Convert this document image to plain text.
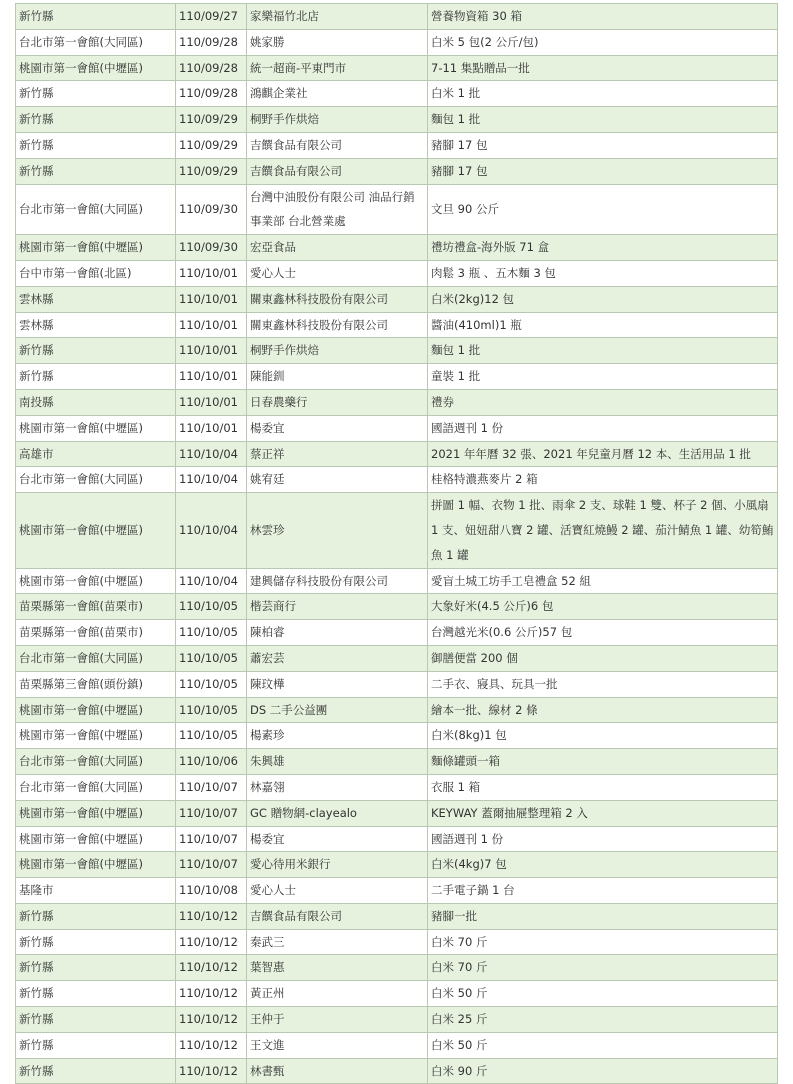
新竹縣	110/09/27	家樂福竹北店	營養物資箱 30 箱
台北市第一會館(大同區)	110/09/28	姚家勝	白米 5 包(2 公斤/包)
桃園市第一會館(中壢區)	110/09/28	統一超商-平東門市	7-11 集點贈品一批
新竹縣	110/09/28	鴻麒企業社	白米 1 批
新竹縣	110/09/29	桐野手作烘焙	麵包 1 批
新竹縣	110/09/29	吉饌食品有限公司	豬腳 17 包
新竹縣	110/09/29	吉饌食品有限公司	豬腳 17 包
台北市第一會館(大同區)	110/09/30	台灣中油股份有限公司 油品行銷事業部 台北營業處	文旦 90 公斤
桃園市第一會館(中壢區)	110/09/30	宏亞食品	禮坊禮盒-海外版 71 盒
台中市第一會館(北區)	110/10/01	愛心人士	肉鬆 3 瓶 、五木麵 3 包
雲林縣	110/10/01	關東鑫林科技股份有限公司	白米(2kg)12 包
雲林縣	110/10/01	關東鑫林科技股份有限公司	醬油(410ml)1 瓶
新竹縣	110/10/01	桐野手作烘焙	麵包 1 批
新竹縣	110/10/01	陳能釧	童裝 1 批
南投縣	110/10/01	日春農藥行	禮券
桃園市第一會館(中壢區)	110/10/01	楊委宜	國語週刊 1 份
高雄市	110/10/04	蔡正祥	2021 年年曆 32 張、2021 年兒童月曆 12 本、生活用品 1 批
台北市第一會館(大同區)	110/10/04	姚宥廷	桂格特濃燕麥片 2 箱
桃園市第一會館(中壢區)	110/10/04	林雲珍	拼圖 1 幅、衣物 1 批、雨傘 2 支、球鞋 1 雙、杯子 2 個、小風扇 1 支、妞妞甜八寶 2 罐、活寶紅燒鰻 2 罐、茄汁鯖魚 1 罐、幼筍鮪魚 1 罐
桃園市第一會館(中壢區)	110/10/04	建興儲存科技股份有限公司	愛盲土城工坊手工皂禮盒 52 組
苗栗縣第一會館(苗栗市)	110/10/05	楷芸商行	大象好米(4.5 公斤)6 包
苗栗縣第一會館(苗栗市)	110/10/05	陳柏睿	台灣越光米(0.6 公斤)57 包
台北市第一會館(大同區)	110/10/05	蕭宏芸	御膳便當 200 個
苗栗縣第三會館(頭份鎮)	110/10/05	陳玟樺	二手衣、寢具、玩具一批
桃園市第一會館(中壢區)	110/10/05	DS 二手公益團	繪本一批、線材 2 條
桃園市第一會館(中壢區)	110/10/05	楊素珍	白米(8kg)1 包
台北市第一會館(大同區)	110/10/06	朱興雄	麵條罐頭一箱
台北市第一會館(大同區)	110/10/07	林嘉翎	衣服 1 箱
桃園市第一會館(中壢區)	110/10/07	GC 贈物網-clayealo	KEYWAY 蓋爾抽屜整理箱 2 入
桃園市第一會館(中壢區)	110/10/07	楊委宜	國語週刊 1 份
桃園市第一會館(中壢區)	110/10/07	愛心待用米銀行	白米(4kg)7 包
基隆市	110/10/08	愛心人士	二手電子鍋 1 台
新竹縣	110/10/12	吉饌食品有限公司	豬腳一批
新竹縣	110/10/12	秦武三	白米 70 斤
新竹縣	110/10/12	葉智惠	白米 70 斤
新竹縣	110/10/12	黃正州	白米 50 斤
新竹縣	110/10/12	王仲于	白米 25 斤
新竹縣	110/10/12	王文進	白米 50 斤
新竹縣	110/10/12	林書甄	白米 90 斤
